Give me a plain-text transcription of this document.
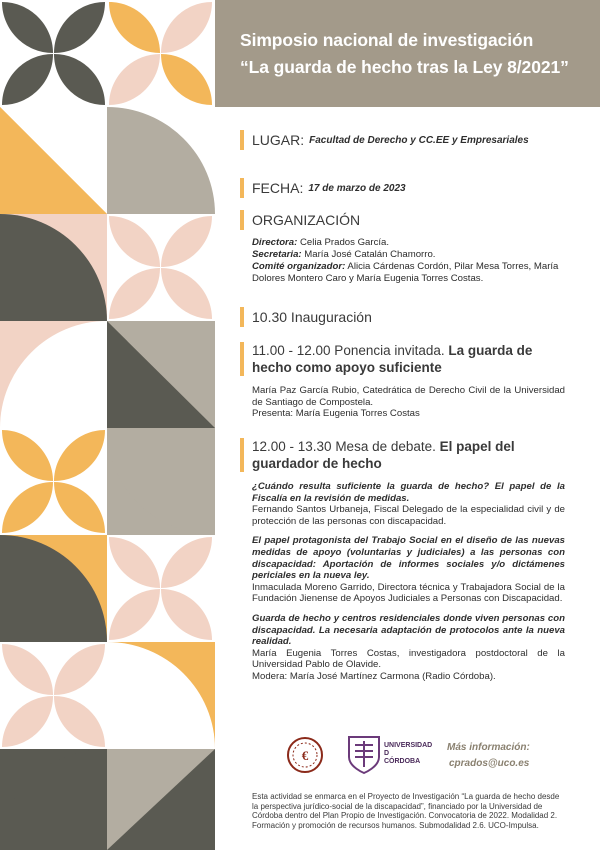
Simposio nacional de investigación
“La guarda de hecho tras la Ley 8/2021”
LUGAR: Facultad de Derecho y CC.EE y Empresariales
FECHA: 17 de marzo de 2023
ORGANIZACIÓN
Directora: Celia Prados García.
Secretaria: María José Catalán Chamorro.
Comité organizador: Alicia Cárdenas Cordón, Pilar Mesa Torres, María Dolores Montero Caro y María Eugenia Torres Costas.
10.30 Inauguración
11.00 - 12.00 Ponencia invitada. La guarda de hecho como apoyo suficiente

María Paz García Rubio, Catedrática de Derecho Civil de la Universidad de Santiago de Compostela.

Presenta: María Eugenia Torres Costas

12.00 - 13.30 Mesa de debate. El papel del guardador de hecho

¿Cuándo resulta suficiente la guarda de hecho? El papel de la Fiscalía en la revisión de medidas.

Fernando Santos Urbaneja, Fiscal Delegado de la especialidad civil y de protección de las personas con discapacidad.

El papel protagonista del Trabajo Social en el diseño de las nuevas medidas de apoyo (voluntarias y judiciales) a las personas con discapacidad: Aportación de informes sociales y/o dictámenes periciales en la nueva ley.

Inmaculada Moreno Garrido, Directora técnica y Trabajadora Social de la Fundación Jienense de Apoyos Judiciales a Personas con Discapacidad.

Guarda de hecho y centros residenciales donde viven personas con discapacidad. La necesaria adaptación de protocolos ante la nueva realidad.

María Eugenia Torres Costas, investigadora postdoctoral de la Universidad Pablo de Olavide.

Modera: María José Martínez Carmona (Radio Córdoba).

€
UNIVERSIDAD
D
CÓRDOBA
Más información:
cprados@uco.es
Esta actividad se enmarca en el Proyecto de Investigación “La guarda de hecho desde la perspectiva jurídico-social de la discapacidad”, financiado por la Universidad de Córdoba dentro del Plan Propio de Investigación. Convocatoria de 2022. Modalidad 2. Formación y promoción de recursos humanos. Submodalidad 2.6. UCO-Impulsa.
